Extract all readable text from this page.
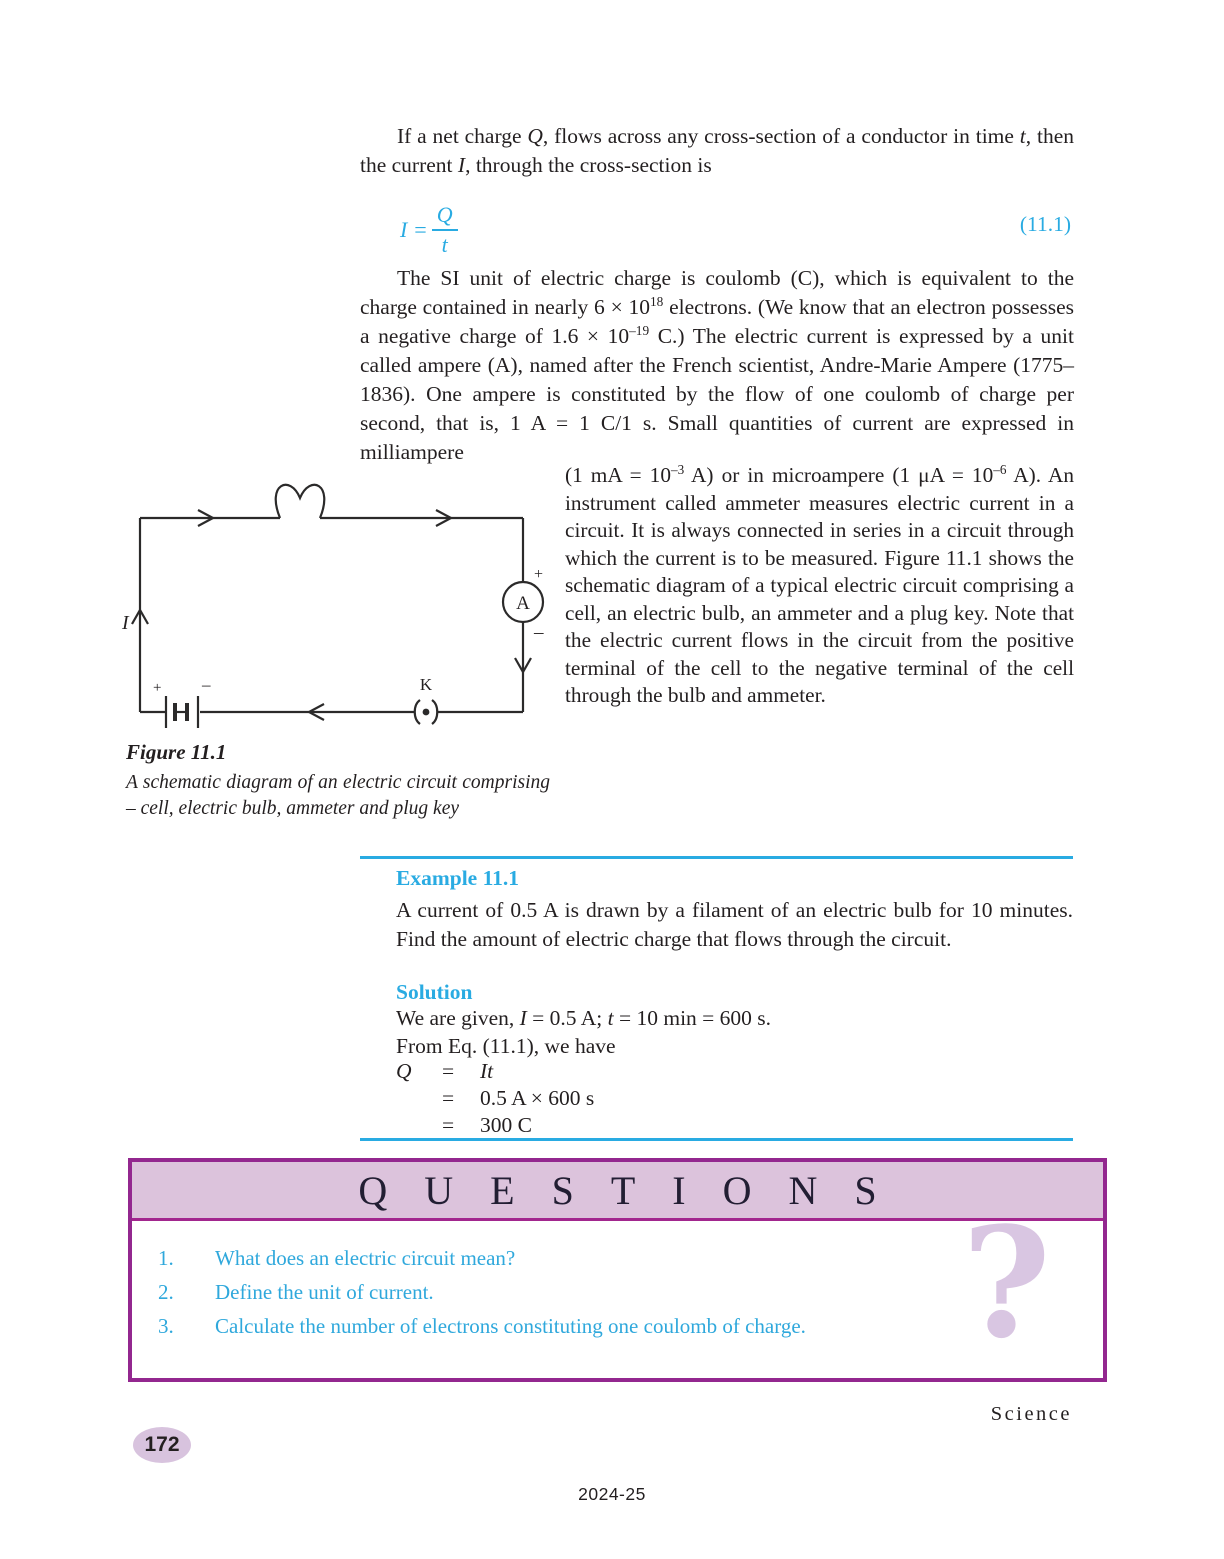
If a net charge Q, flows across any cross-section of a conductor in time t, then the current I, through the cross-section is

$I = \frac{Q}{t}$	(11.1)

The SI unit of electric charge is coulomb (C), which is equivalent to the charge contained in nearly $6 \times 10^{18}$ electrons. (We know that an electron possesses a negative charge of $1.6 \times 10^{-19}$ C.) The electric current is expressed by a unit called ampere (A), named after the French scientist, Andre-Marie Ampere (1775–1836). One ampere is constituted by the flow of one coulomb of charge per second, that is, 1 A = 1 C/1 s. Small quantities of current are expressed in milliampere

I
A
+
–
K
+ –
Figure 11.1
A schematic diagram of an electric circuit comprising – cell, electric bulb, ammeter and plug key

(1 mA = $10^{-3}$ A) or in microampere (1 $\mu A = 10^{-6}$ A). An instrument called ammeter measures electric current in a circuit. It is always connected in series in a circuit through which the current is to be measured. Figure 11.1 shows the schematic diagram of a typical electric circuit comprising a cell, an electric bulb, an ammeter and a plug key. Note that the electric current flows in the circuit from the positive terminal of the cell to the negative terminal of the cell through the bulb and ammeter.

Example 11.1

A current of 0.5 A is drawn by a filament of an electric bulb for 10 minutes. Find the amount of electric charge that flows through the circuit.

Solution

We are given, I = 0.5 A; t = 10 min = 600 s.

From Eq. (11.1), we have

Q	=	It
=	0.5 A × 600 s
=	300 C
QUESTIONS
1.	What does an electric circuit mean?
2.	Define the unit of current.
3.	Calculate the number of electrons constituting one coulomb of charge. ?
172
Science
2024-25
